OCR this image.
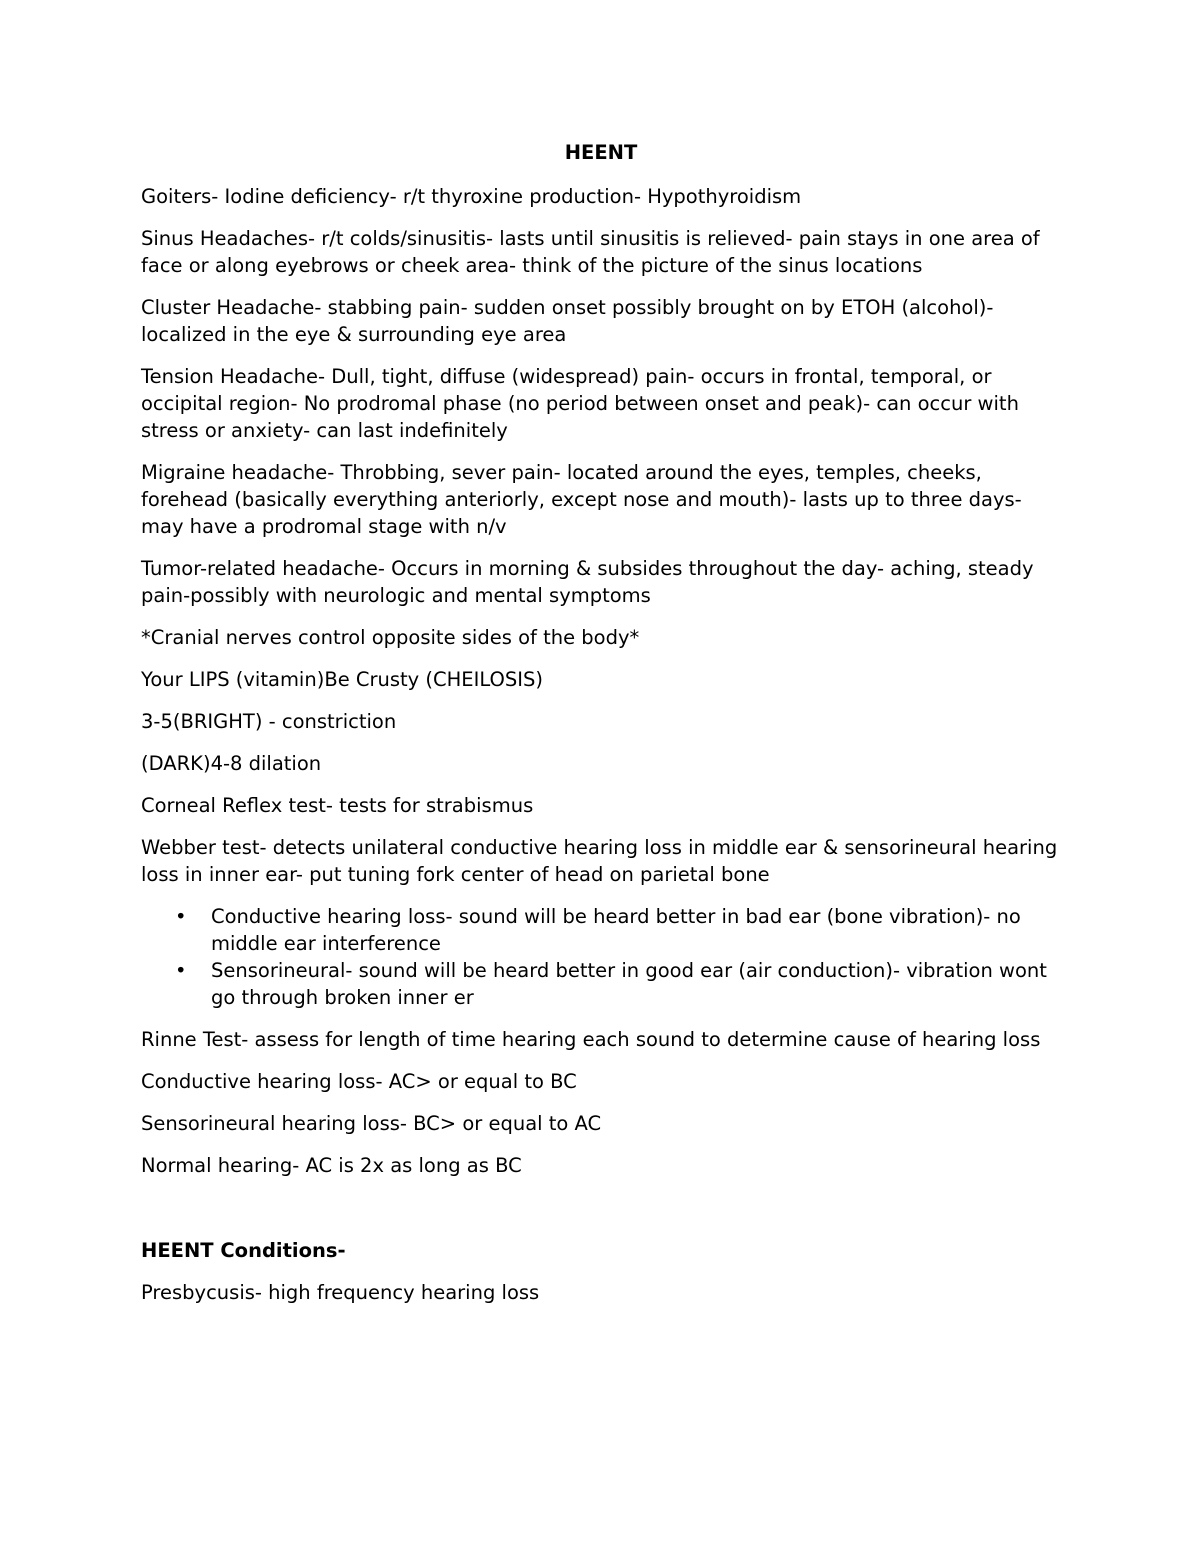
HEENT

Goiters- Iodine deficiency- r/t thyroxine production- Hypothyroidism

Sinus Headaches- r/t colds/sinusitis- lasts until sinusitis is relieved- pain stays in one area of face or along eyebrows or cheek area- think of the picture of the sinus locations

Cluster Headache- stabbing pain- sudden onset possibly brought on by ETOH (alcohol)- localized in the eye & surrounding eye area

Tension Headache- Dull, tight, diffuse (widespread) pain- occurs in frontal, temporal, or occipital region- No prodromal phase (no period between onset and peak)- can occur with stress or anxiety- can last indefinitely

Migraine headache- Throbbing, sever pain- located around the eyes, temples, cheeks, forehead (basically everything anteriorly, except nose and mouth)- lasts up to three days- may have a prodromal stage with n/v

Tumor-related headache- Occurs in morning & subsides throughout the day- aching, steady pain-possibly with neurologic and mental symptoms

*Cranial nerves control opposite sides of the body*

Your LIPS (vitamin)Be Crusty (CHEILOSIS)

3-5(BRIGHT) - constriction

(DARK)4-8 dilation

Corneal Reflex test- tests for strabismus

Webber test- detects unilateral conductive hearing loss in middle ear & sensorineural hearing loss in inner ear- put tuning fork center of head on parietal bone

• Conductive hearing loss- sound will be heard better in bad ear (bone vibration)- no middle ear interference
• Sensorineural- sound will be heard better in good ear (air conduction)- vibration wont go through broken inner er

Rinne Test- assess for length of time hearing each sound to determine cause of hearing loss

Conductive hearing loss- AC> or equal to BC

Sensorineural hearing loss- BC> or equal to AC

Normal hearing- AC is 2x as long as BC

HEENT Conditions-

Presbycusis- high frequency hearing loss
